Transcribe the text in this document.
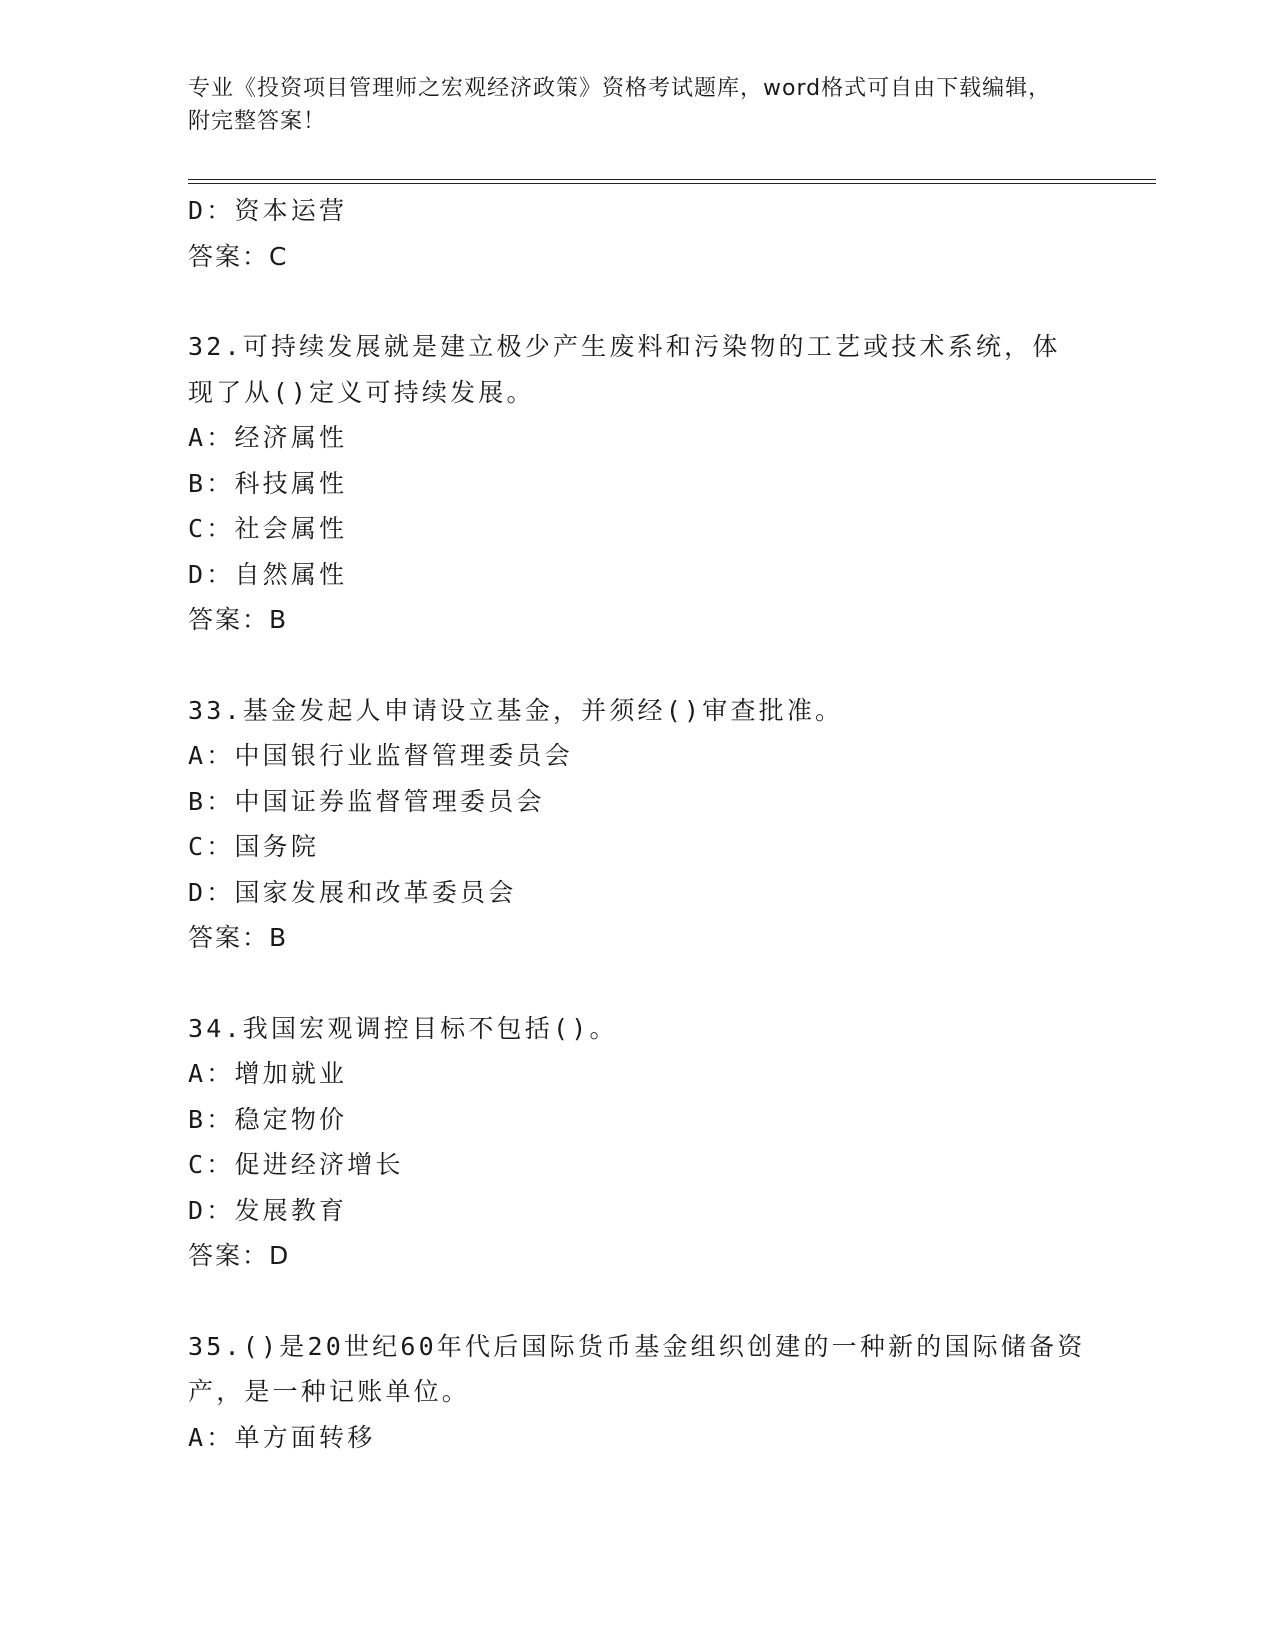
专业《投资项目管理师之宏观经济政策》资格考试题库，word格式可自由下载编辑，附完整答案！
D：资本运营
答案：C
32.可持续发展就是建立极少产生废料和污染物的工艺或技术系统，体现了从()定义可持续发展。
A：经济属性
B：科技属性
C：社会属性
D：自然属性
答案：B
33.基金发起人申请设立基金，并须经()审查批准。
A：中国银行业监督管理委员会
B：中国证券监督管理委员会
C：国务院
D：国家发展和改革委员会
答案：B
34.我国宏观调控目标不包括()。
A：增加就业
B：稳定物价
C：促进经济增长
D：发展教育
答案：D
35.()是20世纪60年代后国际货币基金组织创建的一种新的国际储备资产，是一种记账单位。
A：单方面转移
